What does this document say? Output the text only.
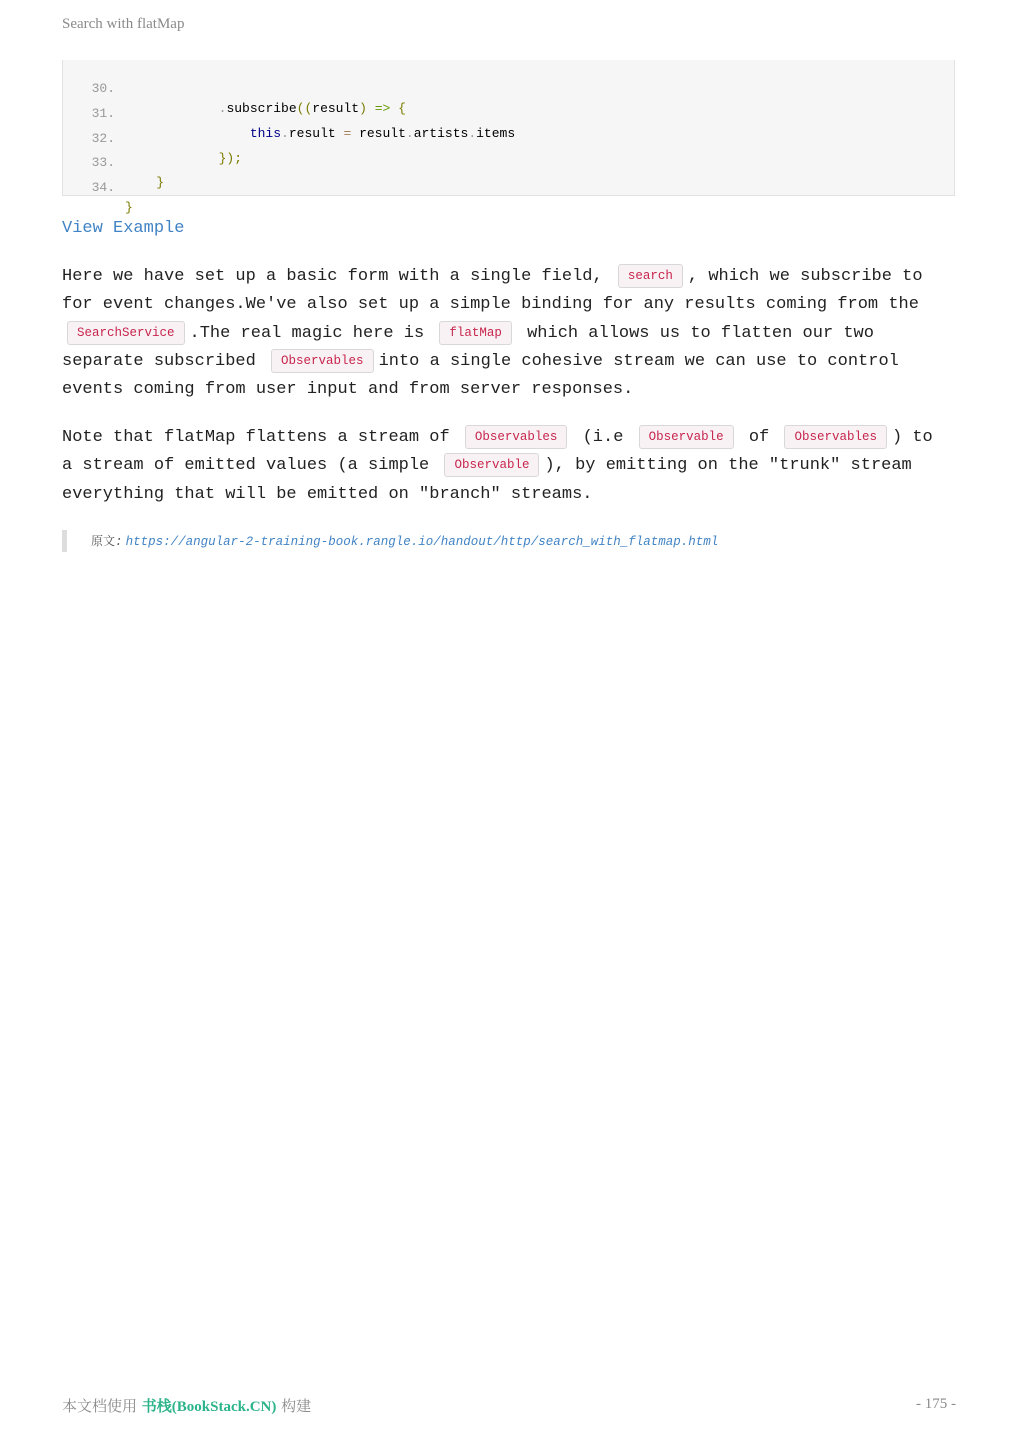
Search with flatMap

30.

.subscribe((result) => {

31.

this.result = result.artists.items

32.

});

33.

}

34.

}

View Example

Here we have set up a basic form with a single field, search , which we subscribe to for event changes.We've also set up a simple binding for any results coming from the SearchService .The real magic here is flatMap which allows us to flatten our two separate subscribed Observables into a single cohesive stream we can use to control events coming from user input and from server responses.

Note that flatMap flattens a stream of Observables (i.e Observable of Observables ) to a stream of emitted values (a simple Observable ), by emitting on the "trunk" stream everything that will be emitted on "branch" streams.

原文: https://angular-2-training-book.rangle.io/handout/http/search_with_flatmap.html
本文档使用 书栈(BookStack.CN) 构建	- 175 -
